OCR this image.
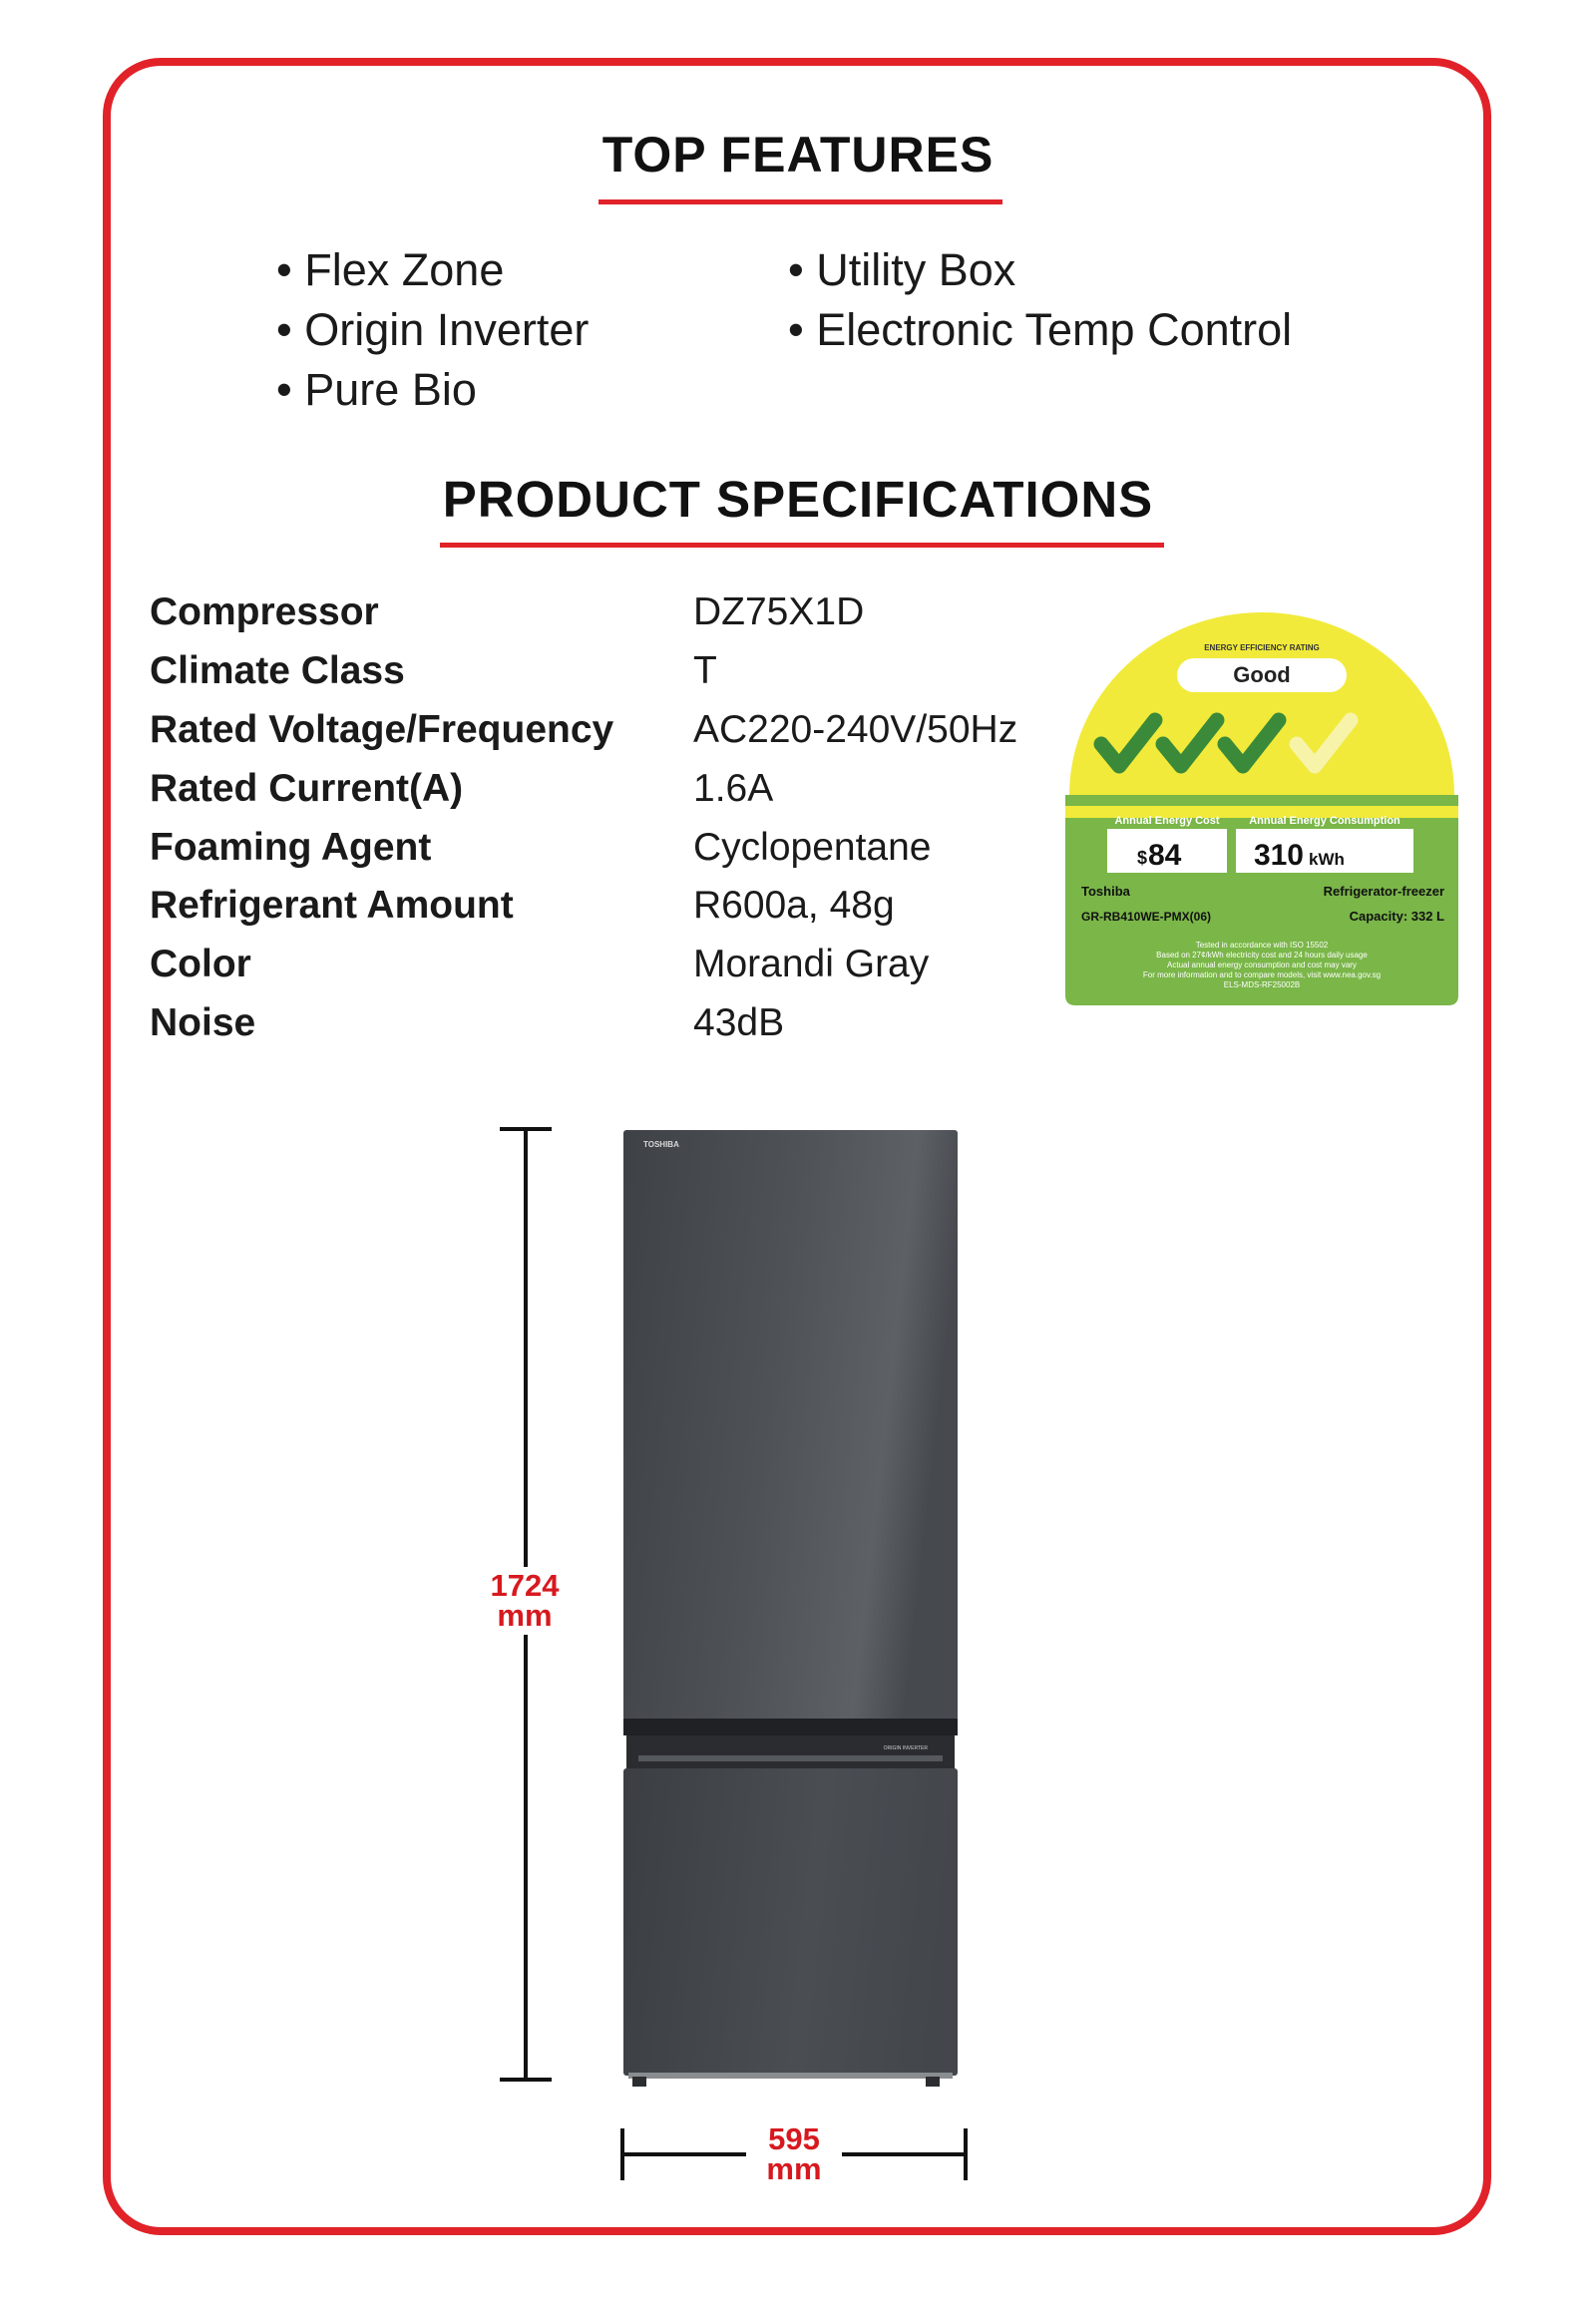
TOP FEATURES
• Flex Zone
• Origin Inverter
• Pure Bio
• Utility Box
• Electronic Temp Control
PRODUCT SPECIFICATIONS
Compressor	DZ75X1D
Climate Class	T
Rated Voltage/Frequency AC220-240V/50Hz
Rated Current(A)	1.6A
Foaming Agent	Cyclopentane
Refrigerant Amount	R600a, 48g
Color	Morandi Gray
Noise	43dB
ENERGY EFFICIENCY RATING
Good
Annual Energy Cost	Annual Energy Consumption
$ 84 310 kWh
Toshiba	Refrigerator-freezer
GR-RB410WE-PMX(06)	Capacity: 332 L
Tested in accordance with ISO 15502
Based on 27¢/kWh electricity cost and 24 hours daily usage
Actual annual energy consumption and cost may vary
For more information and to compare models, visit www.nea.gov.sg
ELS-MDS-RF25002B
TOSHIBA
ORIGIN INVERTER
1724
mm
595
mm
